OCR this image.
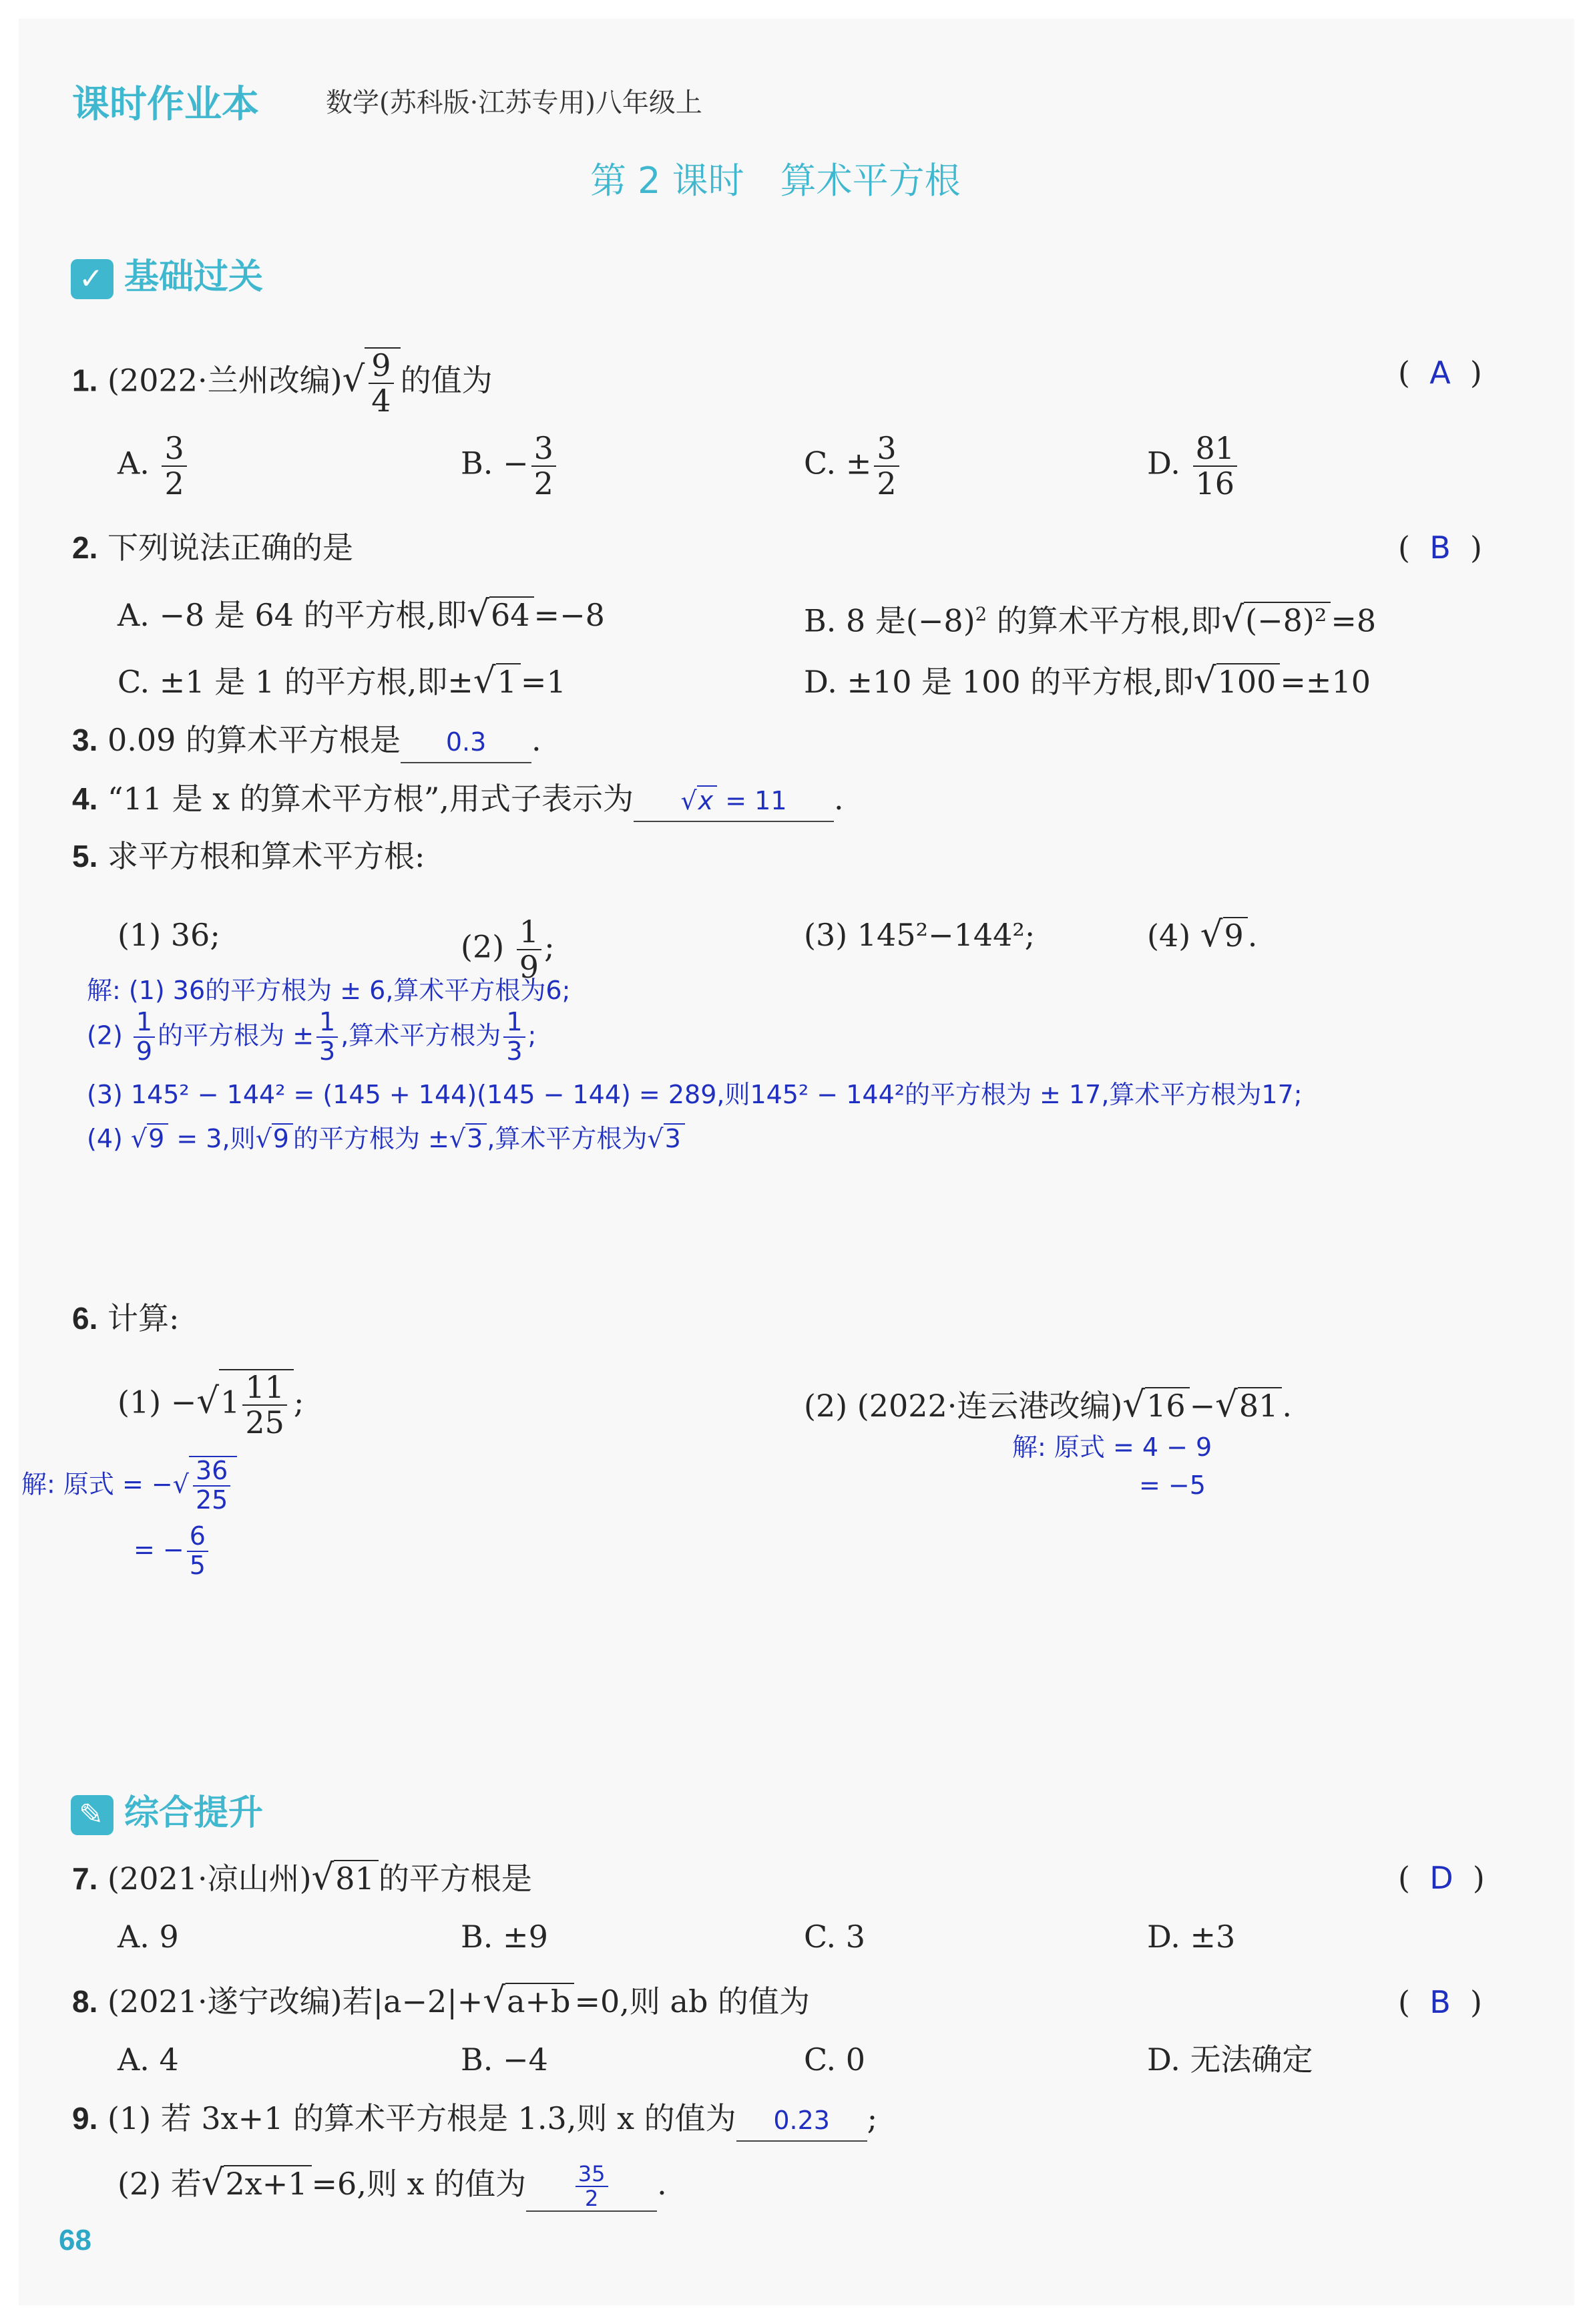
课时作业本	数学(苏科版·江苏专用)八年级上
第 2 课时　算术平方根
✓ 基础过关
1. (2022·兰州改编)√ $\frac{9}{4}$ 的值为	(  A  )
A. $\frac{3}{2}$	B. − $\frac{3}{2}$	C. ± $\frac{3}{2}$	D. $\frac{81}{16}$
2. 下列说法正确的是	(  B  )
A. −8 是 64 的平方根,即√64 =−8	B. 8 是$(-8)^2$ 的算术平方根,即√(−8)² =8
C. ±1 是 1 的平方根,即±√1 =1	D. ±10 是 100 的平方根,即√100 =±10
3. 0.09 的算术平方根是 0.3 .
4. “11 是 x 的算术平方根”,用式子表示为 √x = 11 .
5. 求平方根和算术平方根:
(1) 36;	$(2) \frac{1}{9}$ ;	(3) 145²−144²;	(4) √9 .
解: (1) 36的平方根为 ± 6,算术平方根为6;
$(2) \frac{1}{9}$ 的平方根为 ± $\frac{1}{3}$ ,算术平方根为 $\frac{1}{3}$ ;
(3) 145² − 144² = (145 + 144)(145 − 144) = 289,则145² − 144²的平方根为 ± 17,算术平方根为17;
(4) √9 = 3,则√9 的平方根为 ±√3 ,算术平方根为√3
6. 计算:
$(1) -√1 \frac{11}{25}$ ;	(2) (2022·连云港改编)√16 −√81 .
解: 原式 = −√ $\frac{36}{25}$
= − $\frac{6}{5}$
解: 原式 = 4 − 9
= −5
✎ 综合提升
7. (2021·凉山州)√81 的平方根是	(  D  )
A. 9	B. ±9	C. 3	D. ±3
8. (2021·遂宁改编)若|a−2|+√a+b =0,则 ab 的值为	(  B  )
A. 4	B. −4	C. 0	D. 无法确定
9. (1) 若 3x+1 的算术平方根是 1.3,则 x 的值为 0.23 ;
(2) 若√2x+1 =6,则 x 的值为 $\frac{35}{2}$ .
68
